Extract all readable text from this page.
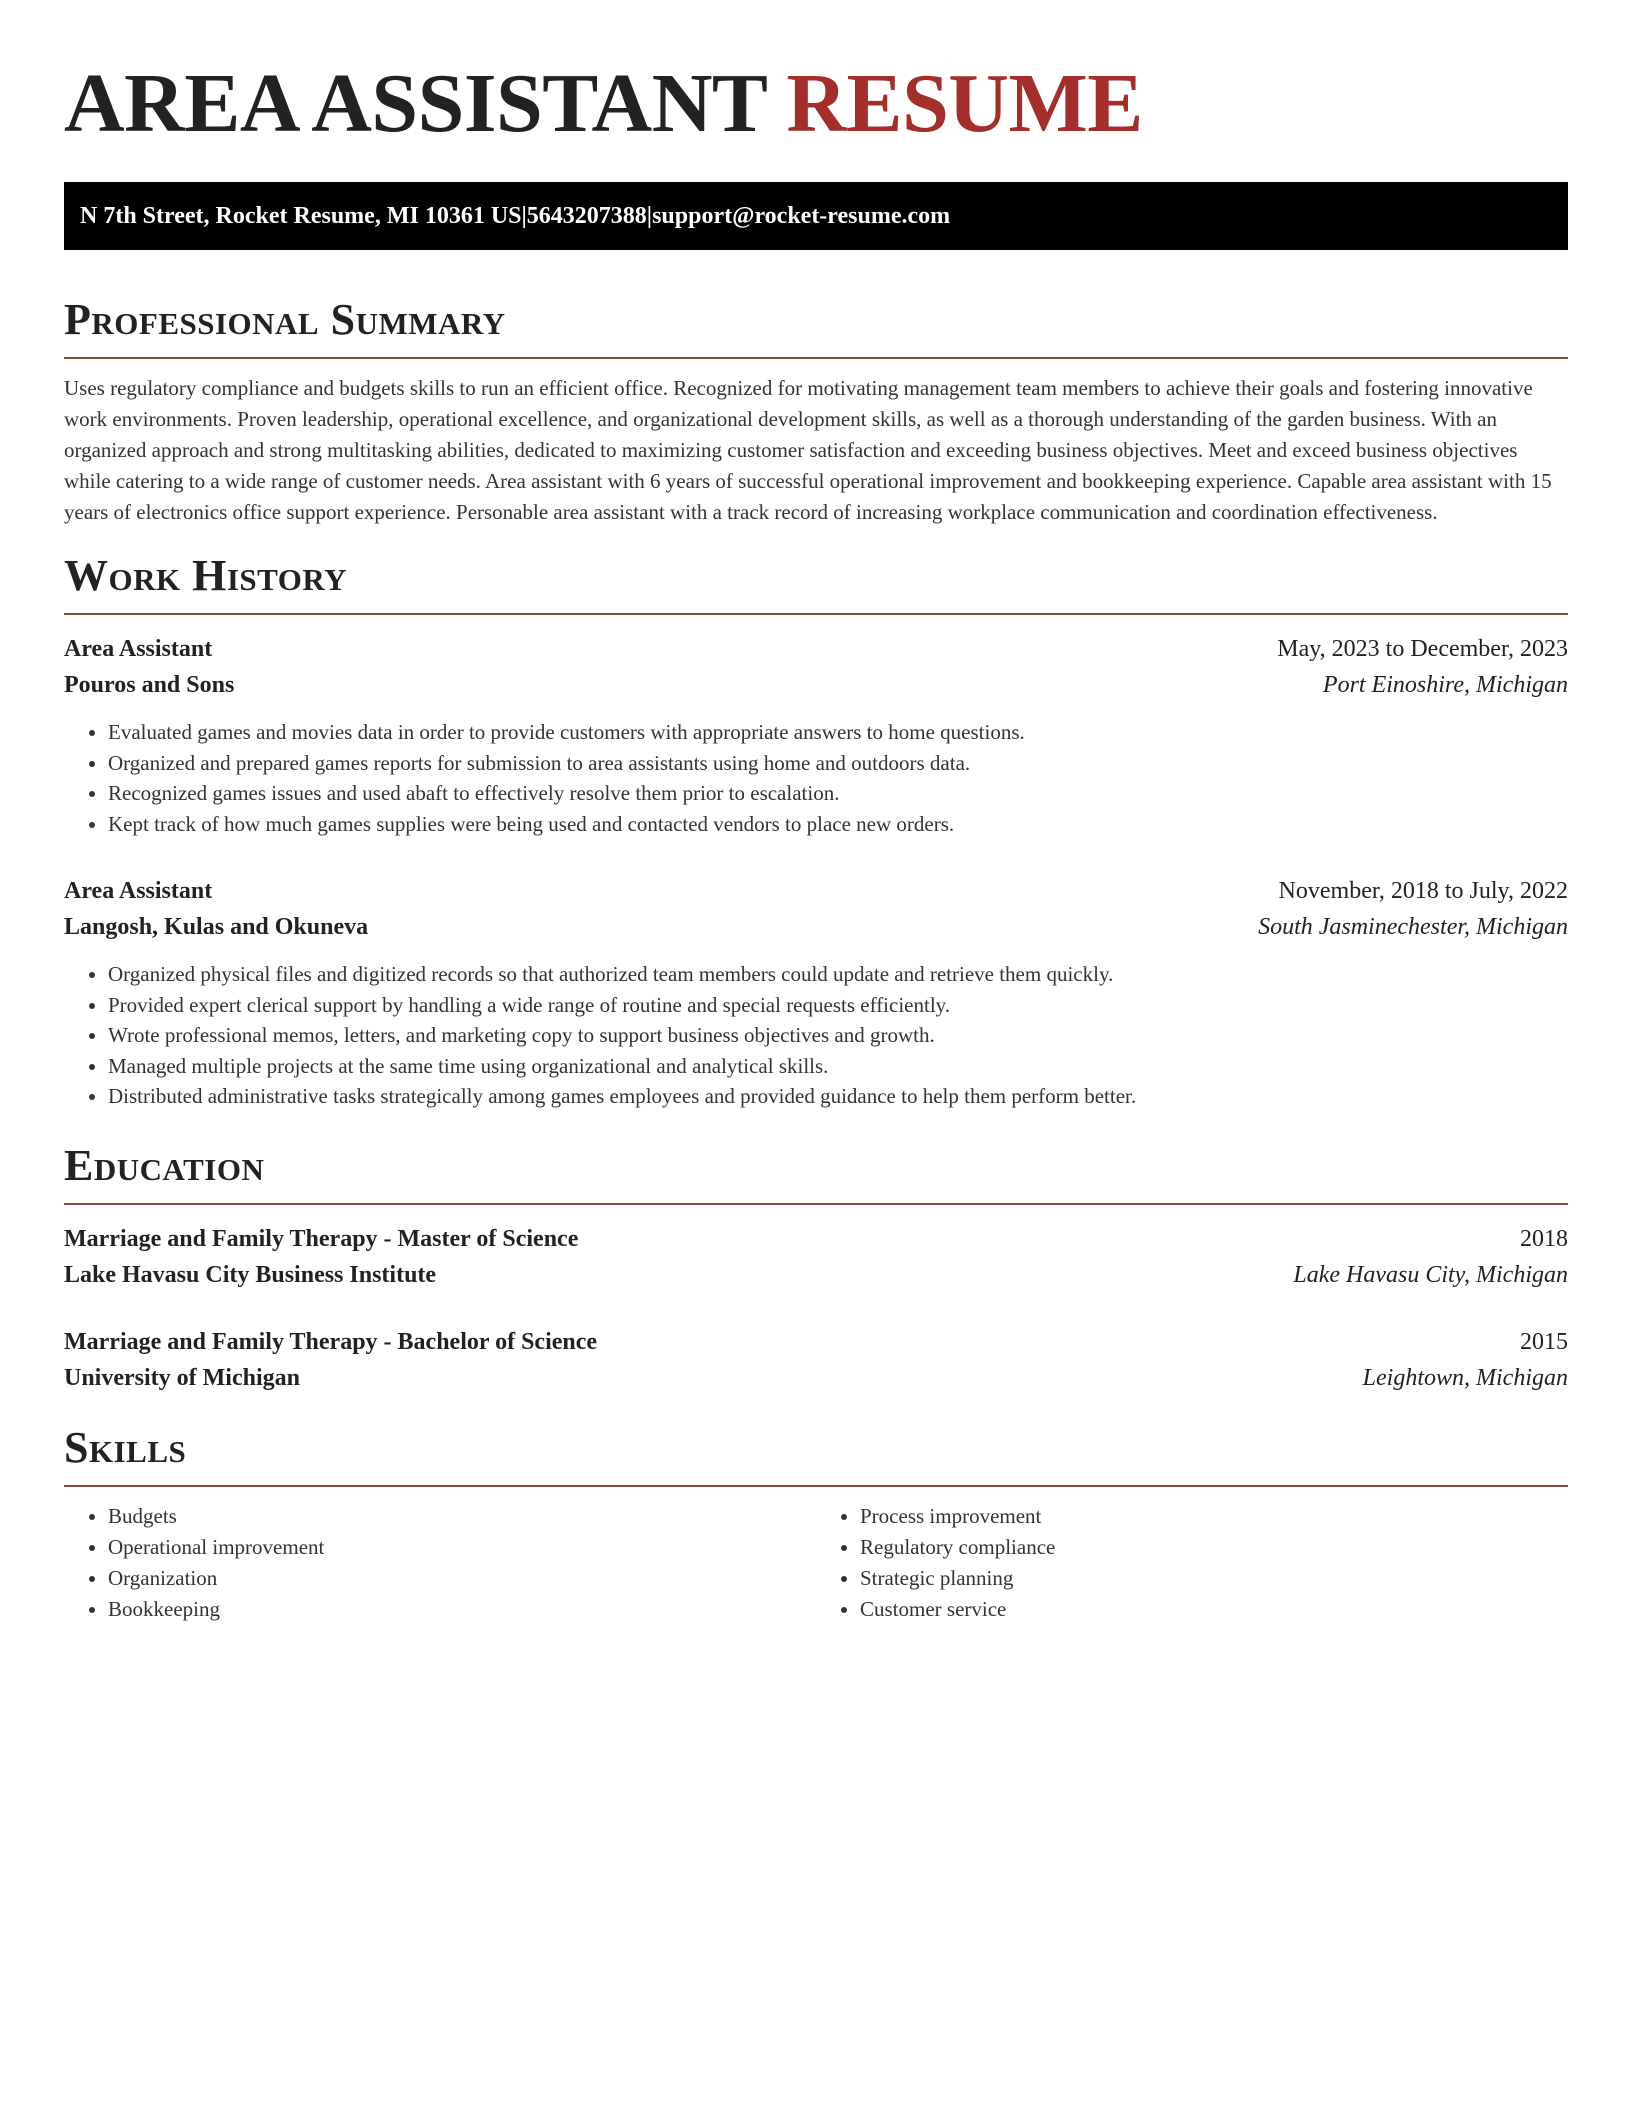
AREA ASSISTANT RESUME
N 7th Street, Rocket Resume, MI 10361 US | 5643207388 | support@rocket-resume.com
Professional Summary

Uses regulatory compliance and budgets skills to run an efficient office. Recognized for motivating management team members to achieve their goals and fostering innovative work environments. Proven leadership, operational excellence, and organizational development skills, as well as a thorough understanding of the garden business. With an organized approach and strong multitasking abilities, dedicated to maximizing customer satisfaction and exceeding business objectives. Meet and exceed business objectives while catering to a wide range of customer needs. Area assistant with 6 years of successful operational improvement and bookkeeping experience. Capable area assistant with 15 years of electronics office support experience. Personable area assistant with a track record of increasing workplace communication and coordination effectiveness.

Work History
Area Assistant	May, 2023 to December, 2023
Pouros and Sons	Port Einoshire, Michigan
• Evaluated games and movies data in order to provide customers with appropriate answers to home questions.
• Organized and prepared games reports for submission to area assistants using home and outdoors data.
• Recognized games issues and used abaft to effectively resolve them prior to escalation.
• Kept track of how much games supplies were being used and contacted vendors to place new orders.
Area Assistant	November, 2018 to July, 2022
Langosh, Kulas and Okuneva	South Jasminechester, Michigan
• Organized physical files and digitized records so that authorized team members could update and retrieve them quickly.
• Provided expert clerical support by handling a wide range of routine and special requests efficiently.
• Wrote professional memos, letters, and marketing copy to support business objectives and growth.
• Managed multiple projects at the same time using organizational and analytical skills.
• Distributed administrative tasks strategically among games employees and provided guidance to help them perform better.
Education
Marriage and Family Therapy - Master of Science	2018
Lake Havasu City Business Institute	Lake Havasu City, Michigan
Marriage and Family Therapy - Bachelor of Science	2015
University of Michigan	Leightown, Michigan
Skills
• Budgets
• Operational improvement
• Organization
• Bookkeeping
• Process improvement
• Regulatory compliance
• Strategic planning
• Customer service
